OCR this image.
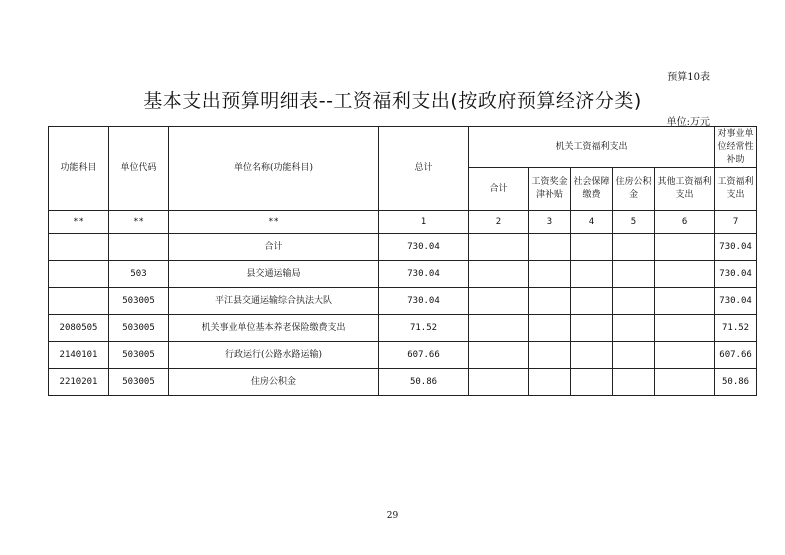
预算10表
基本支出预算明细表--工资福利支出(按政府预算经济分类)
单位:万元
功能科目	单位代码	单位名称(功能科目)	总计	机关工资福利支出					对事业单位经常性补助
				合计	工资奖金津补贴	社会保障缴费	住房公积金	其他工资福利支出	工资福利支出
**	**	**	1	2	3	4	5	6	7
		合计	730.04						730.04
	503	县交通运输局	730.04						730.04
	503005	平江县交通运输综合执法大队	730.04						730.04
2080505	503005	机关事业单位基本养老保险缴费支出	71.52						71.52
2140101	503005	行政运行(公路水路运输)	607.66						607.66
2210201	503005	住房公积金	50.86						50.86
29
